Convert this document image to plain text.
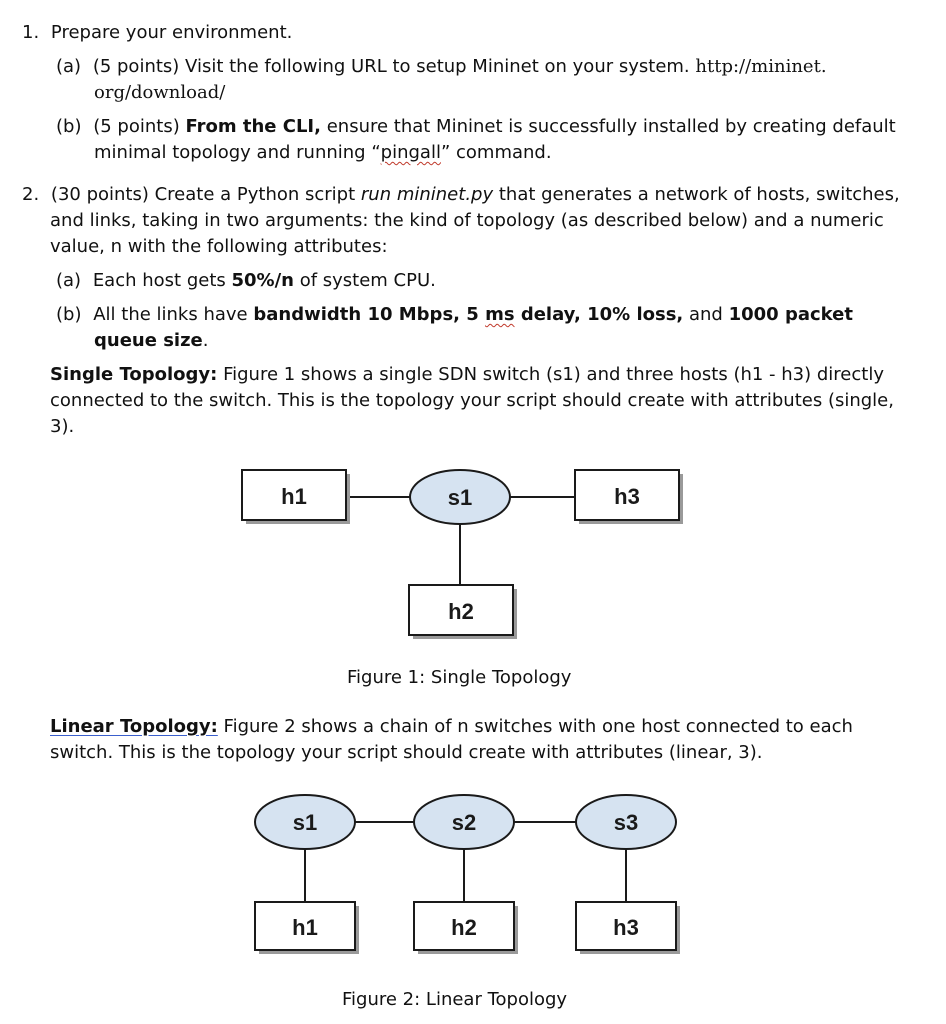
1. Prepare your environment.
(a) (5 points) Visit the following URL to setup Mininet on your system. http://mininet.
org/download/
(b) (5 points) From the CLI, ensure that Mininet is successfully installed by creating default
minimal topology and running “pingall” command.
2. (30 points) Create a Python script run mininet.py that generates a network of hosts, switches,
and links, taking in two arguments: the kind of topology (as described below) and a numeric
value, n with the following attributes:
(a) Each host gets 50%/n of system CPU.
(b) All the links have bandwidth 10 Mbps, 5 ms delay, 10% loss, and 1000 packet
queue size.
Single Topology: Figure 1 shows a single SDN switch (s1) and three hosts (h1 - h3) directly
connected to the switch. This is the topology your script should create with attributes (single,
3).
h1	s1	h3
h2
Figure 1: Single Topology
Linear Topology: Figure 2 shows a chain of n switches with one host connected to each
switch. This is the topology your script should create with attributes (linear, 3).
s1	s2	s3
h1	h2	h3
Figure 2: Linear Topology
